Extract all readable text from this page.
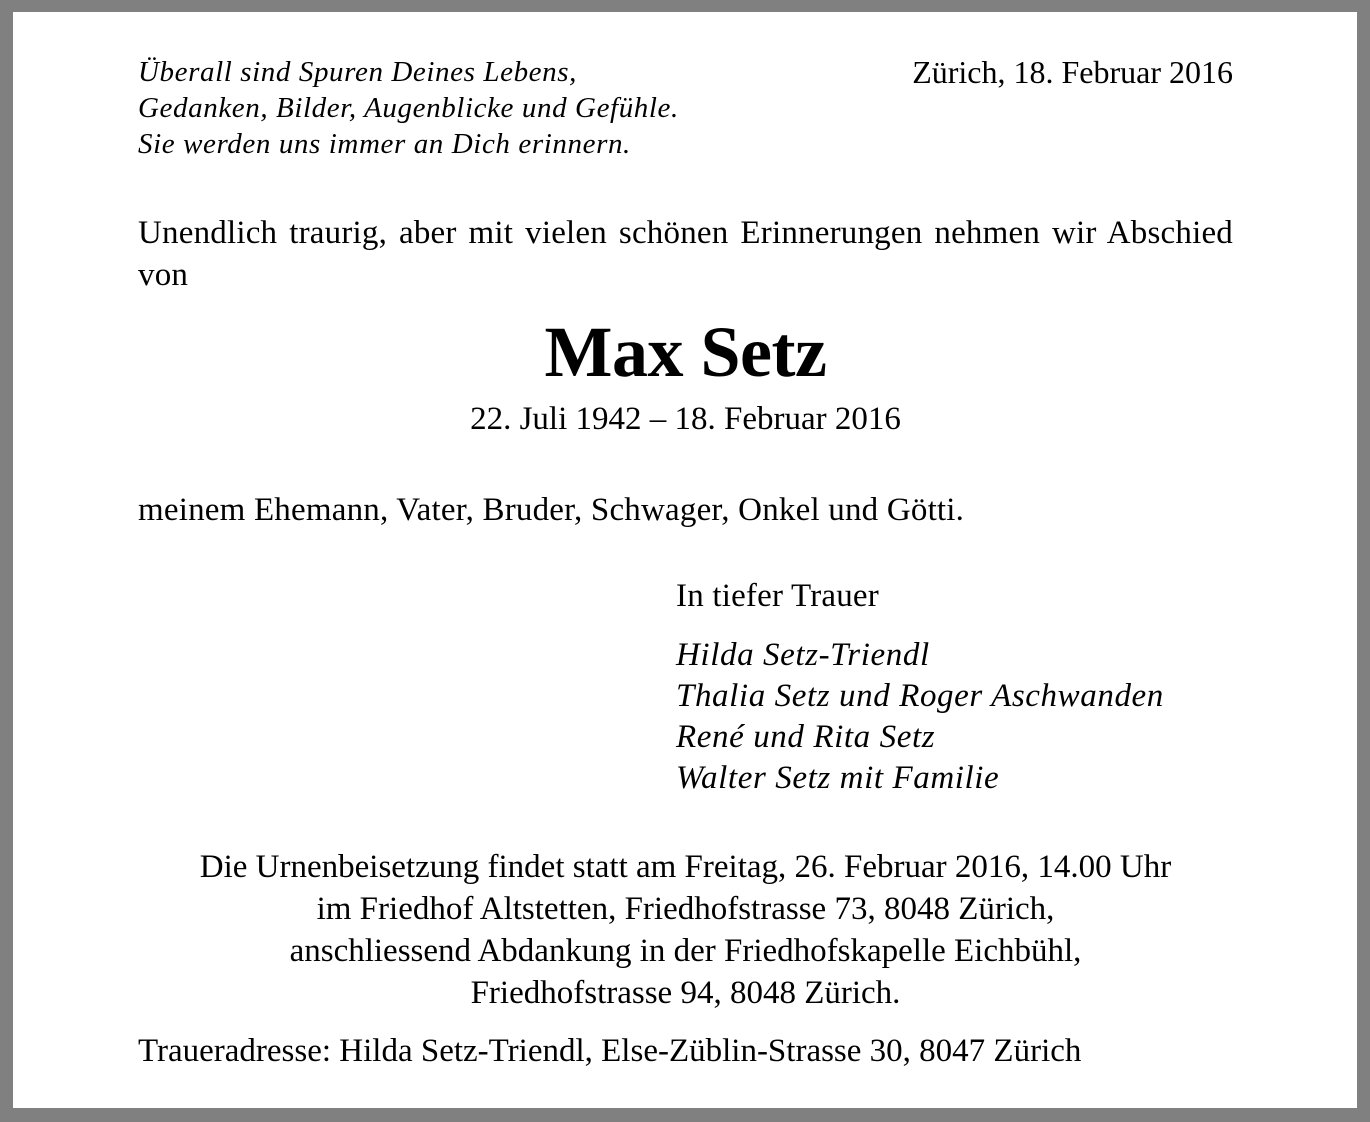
Überall sind Spuren Deines Lebens,
Gedanken, Bilder, Augenblicke und Gefühle.
Sie werden uns immer an Dich erinnern.
Zürich, 18. Februar 2016
Unendlich traurig, aber mit vielen schönen Erinnerungen nehmen wir Abschied von
Max Setz
22. Juli 1942 – 18. Februar 2016
meinem Ehemann, Vater, Bruder, Schwager, Onkel und Götti.
In tiefer Trauer
Hilda Setz-Triendl
Thalia Setz und Roger Aschwanden
René und Rita Setz
Walter Setz mit Familie
Die Urnenbeisetzung findet statt am Freitag, 26. Februar 2016, 14.00 Uhr
im Friedhof Altstetten, Friedhofstrasse 73, 8048 Zürich,
anschliessend Abdankung in der Friedhofskapelle Eichbühl,
Friedhofstrasse 94, 8048 Zürich.
Traueradresse: Hilda Setz-Triendl, Else-Züblin-Strasse 30, 8047 Zürich
